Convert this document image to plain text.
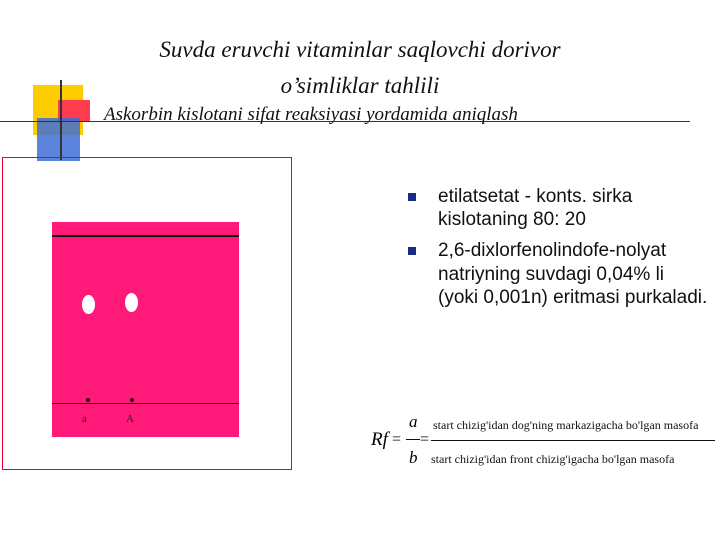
Suvda eruvchi vitaminlar saqlovchi dorivor
o’simliklar tahlili
Askorbin kislotani sifat reaksiyasi yordamida aniqlash
a	A
etilatsetat - konts. sirka kislotaning 80: 20
2,6-dixlorfenolindofe-nolyat natriyning suvdagi 0,04% li (yoki 0,001n) eritmasi purkaladi.
Rf = =
a
b
start chizig'idan dog'ning markazigacha bo'lgan masofa
start chizig'idan front chizig'igacha bo'lgan masofa
